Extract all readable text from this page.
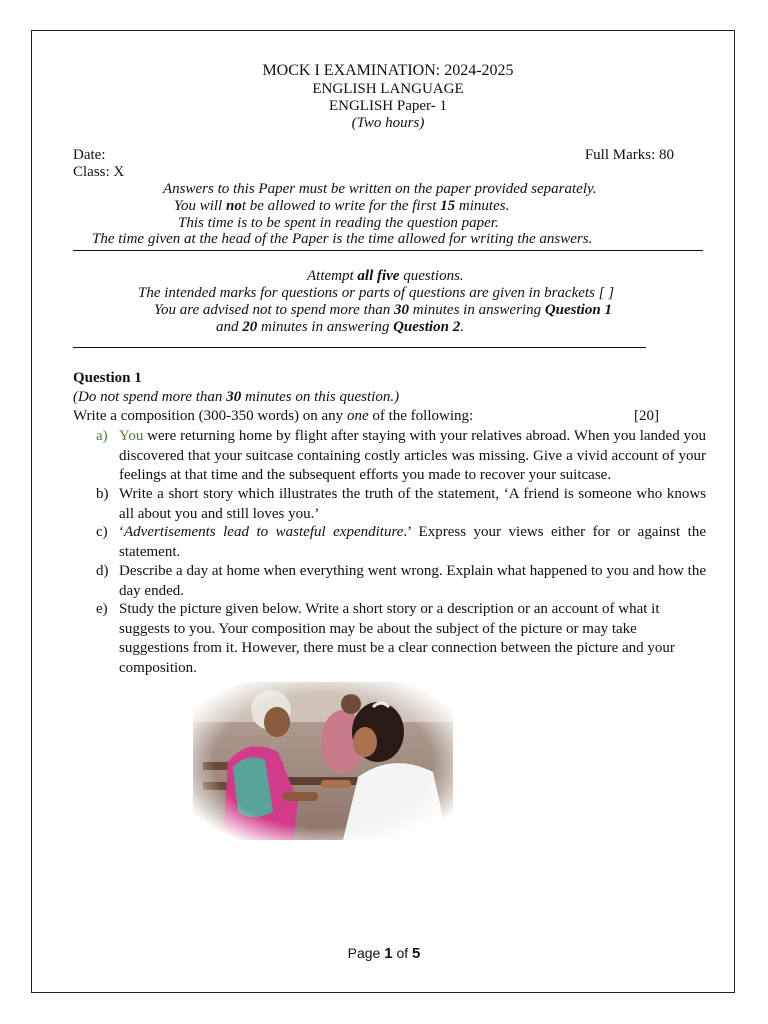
MOCK I EXAMINATION: 2024-2025
ENGLISH LANGUAGE
ENGLISH Paper- 1
(Two hours)
Date:	Full Marks: 80
Class: X
Answers to this Paper must be written on the paper provided separately.
You will not be allowed to write for the first 15 minutes.
This time is to be spent in reading the question paper.
The time given at the head of the Paper is the time allowed for writing the answers.
Attempt all five questions.
The intended marks for questions or parts of questions are given in brackets [ ]
You are advised not to spend more than 30 minutes in answering Question 1
and 20 minutes in answering Question 2.
Question 1
(Do not spend more than 30 minutes on this question.)
Write a composition (300-350 words) on any one of the following:	[20]
a) You were returning home by flight after staying with your relatives abroad. When you landed you discovered that your suitcase containing costly articles was missing. Give a vivid account of your feelings at that time and the subsequent efforts you made to recover your suitcase.
b) Write a short story which illustrates the truth of the statement, ‘A friend is someone who knows all about you and still loves you.’
c) ‘Advertisements lead to wasteful expenditure.’ Express your views either for or against the statement.
d) Describe a day at home when everything went wrong. Explain what happened to you and how the day ended.
e) Study the picture given below. Write a short story or a description or an account of what it suggests to you. Your composition may be about the subject of the picture or may take suggestions from it. However, there must be a clear connection between the picture and your composition.
Page 1 of 5
